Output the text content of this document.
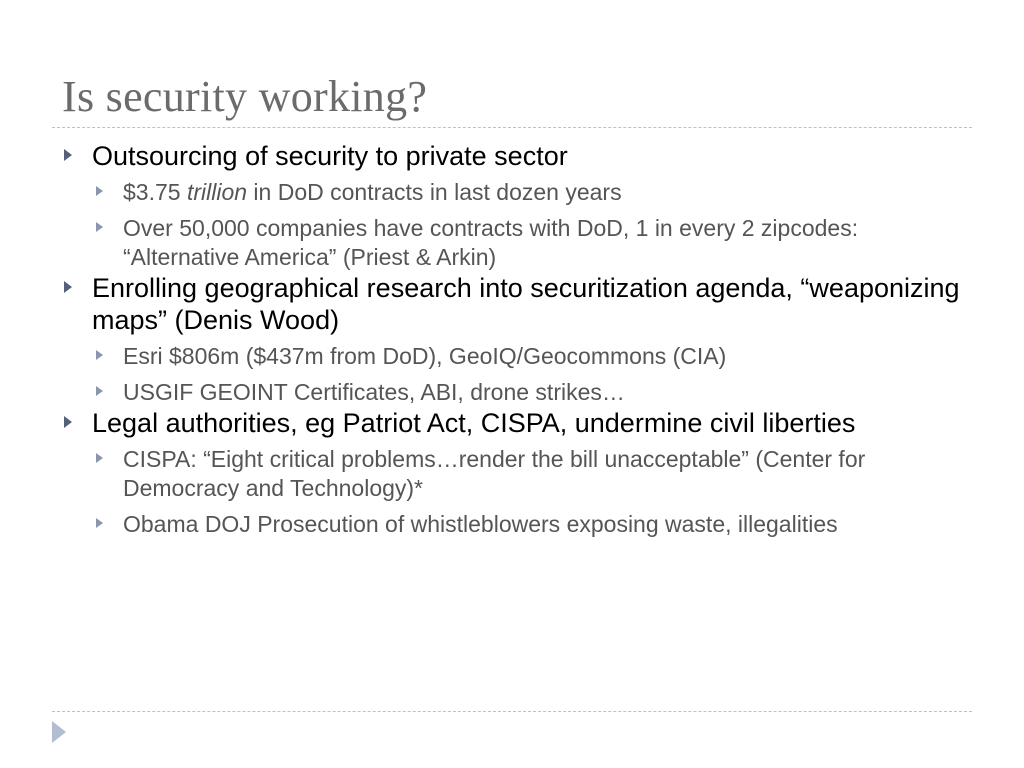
Is security working?
Outsourcing of security to private sector
$3.75 trillion in DoD contracts in last dozen years
Over 50,000 companies have contracts with DoD, 1 in every 2 zipcodes: “Alternative America” (Priest & Arkin)
Enrolling geographical research into securitization agenda, “weaponizing maps” (Denis Wood)
Esri $806m ($437m from DoD), GeoIQ/Geocommons (CIA)
USGIF GEOINT Certificates, ABI, drone strikes…
Legal authorities, eg Patriot Act, CISPA, undermine civil liberties
CISPA: “Eight critical problems…render the bill unacceptable” (Center for Democracy and Technology)*
Obama DOJ Prosecution of whistleblowers exposing waste, illegalities
